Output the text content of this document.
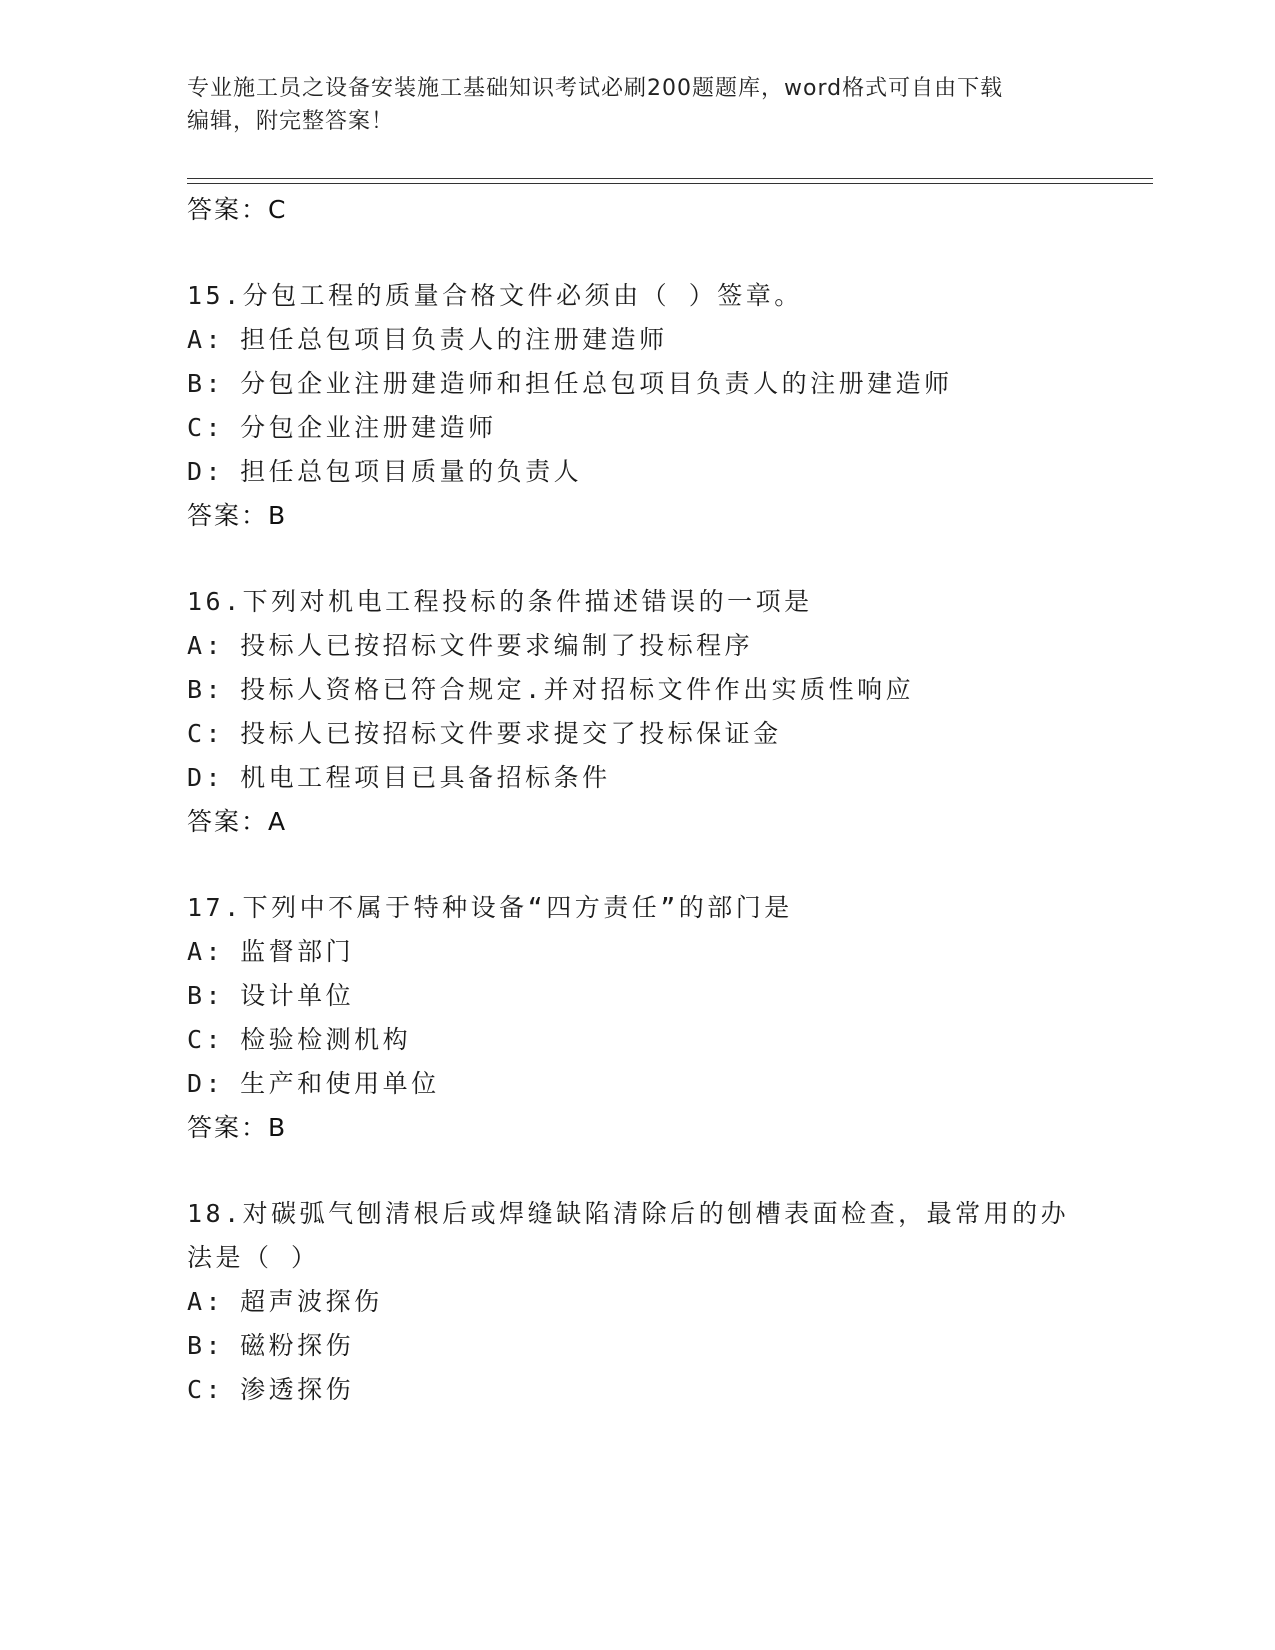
专业施工员之设备安装施工基础知识考试必刷200题题库，word格式可自由下载
编辑，附完整答案！
答案：C
15.分包工程的质量合格文件必须由（ ）签章。
A: 担任总包项目负责人的注册建造师
B: 分包企业注册建造师和担任总包项目负责人的注册建造师
C: 分包企业注册建造师
D: 担任总包项目质量的负责人
答案：B
16.下列对机电工程投标的条件描述错误的一项是
A: 投标人已按招标文件要求编制了投标程序
B: 投标人资格已符合规定.并对招标文件作出实质性响应
C: 投标人已按招标文件要求提交了投标保证金
D: 机电工程项目已具备招标条件
答案：A
17.下列中不属于特种设备“四方责任”的部门是
A: 监督部门
B: 设计单位
C: 检验检测机构
D: 生产和使用单位
答案：B
18.对碳弧气刨清根后或焊缝缺陷清除后的刨槽表面检查，最常用的办
法是（ ）
A: 超声波探伤
B: 磁粉探伤
C: 渗透探伤
